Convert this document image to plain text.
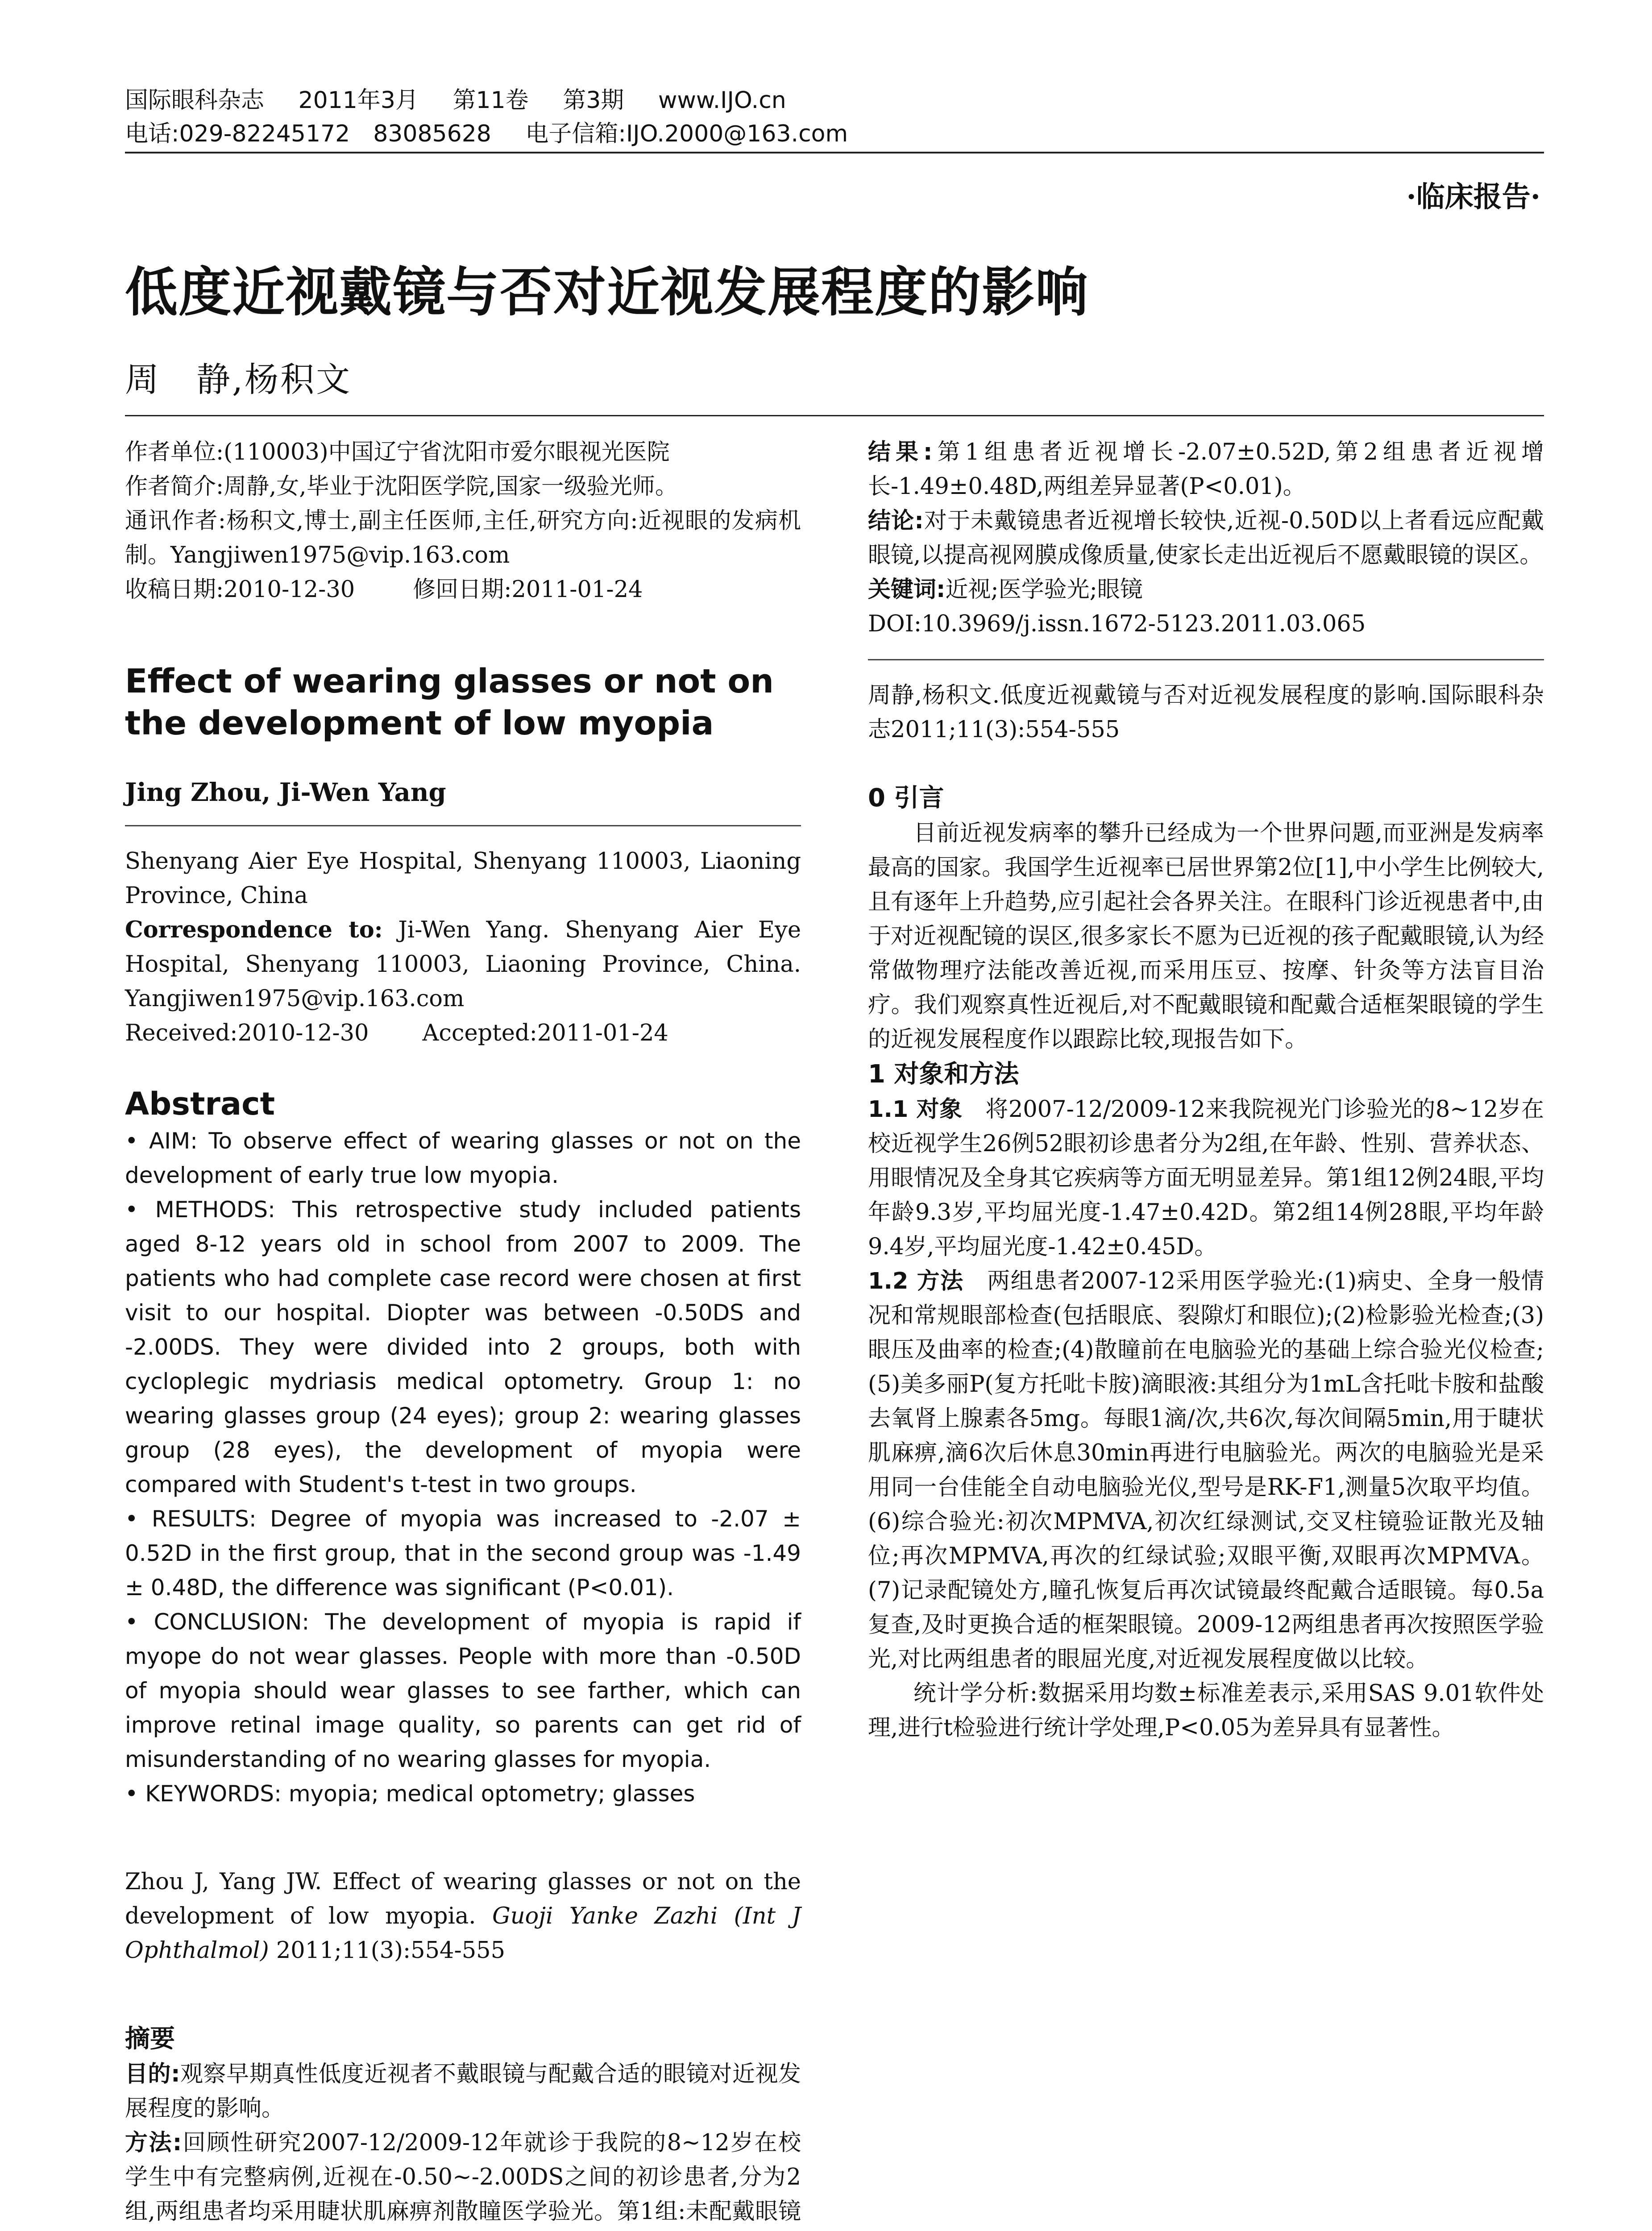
国际眼科杂志 2011年3月 第11卷 第3期 www.IJO.cn
电话:029-82245172　83085628 电子信箱:IJO.2000@163.com
·临床报告·
低度近视戴镜与否对近视发展程度的影响
周　静,杨积文

作者单位:(110003)中国辽宁省沈阳市爱尔眼视光医院

作者简介:周静,女,毕业于沈阳医学院,国家一级验光师。

通讯作者:杨积文,博士,副主任医师,主任,研究方向:近视眼的发病机制。Yangjiwen1975@vip.163.com

收稿日期:2010-12-30	修回日期:2011-01-24

Effect of wearing glasses or not on the development of low myopia

Jing Zhou, Ji-Wen Yang

Shenyang Aier Eye Hospital, Shenyang 110003, Liaoning Province, China

Correspondence to: Ji-Wen Yang. Shenyang Aier Eye Hospital, Shenyang 110003, Liaoning Province, China. Yangjiwen1975@vip.163.com

Received:2010-12-30 Accepted:2011-01-24

Abstract

• AIM: To observe effect of wearing glasses or not on the development of early true low myopia.

• METHODS: This retrospective study included patients aged 8-12 years old in school from 2007 to 2009. The patients who had complete case record were chosen at first visit to our hospital. Diopter was between -0.50DS and -2.00DS. They were divided into 2 groups, both with cycloplegic mydriasis medical optometry. Group 1: no wearing glasses group (24 eyes); group 2: wearing glasses group (28 eyes), the development of myopia were compared with Student's t-test in two groups.

• RESULTS: Degree of myopia was increased to -2.07 ± 0.52D in the first group, that in the second group was -1.49 ± 0.48D, the difference was significant (P<0.01).

• CONCLUSION: The development of myopia is rapid if myope do not wear glasses. People with more than -0.50D of myopia should wear glasses to see farther, which can improve retinal image quality, so parents can get rid of misunderstanding of no wearing glasses for myopia.

• KEYWORDS: myopia; medical optometry; glasses

Zhou J, Yang JW. Effect of wearing glasses or not on the development of low myopia. Guoji Yanke Zazhi (Int J Ophthalmol) 2011;11(3):554-555

摘要

目的:观察早期真性低度近视者不戴眼镜与配戴合适的眼镜对近视发展程度的影响。

方法:回顾性研究2007-12/2009-12年就诊于我院的8~12岁在校学生中有完整病例,近视在-0.50~-2.00DS之间的初诊患者,分为2组,两组患者均采用睫状肌麻痹剂散瞳医学验光。第1组:未配戴眼镜

结果:第1组患者近视增长-2.07±0.52D,第2组患者近视增长-1.49±0.48D,两组差异显著(P<0.01)。

结论:对于未戴镜患者近视增长较快,近视-0.50D以上者看远应配戴眼镜,以提高视网膜成像质量,使家长走出近视后不愿戴眼镜的误区。

关键词:近视;医学验光;眼镜

DOI:10.3969/j.issn.1672-5123.2011.03.065

周静,杨积文.低度近视戴镜与否对近视发展程度的影响.国际眼科杂志2011;11(3):554-555

0 引言

目前近视发病率的攀升已经成为一个世界问题,而亚洲是发病率最高的国家。我国学生近视率已居世界第2位[1],中小学生比例较大,且有逐年上升趋势,应引起社会各界关注。在眼科门诊近视患者中,由于对近视配镜的误区,很多家长不愿为已近视的孩子配戴眼镜,认为经常做物理疗法能改善近视,而采用压豆、按摩、针灸等方法盲目治疗。我们观察真性近视后,对不配戴眼镜和配戴合适框架眼镜的学生的近视发展程度作以跟踪比较,现报告如下。

1 对象和方法

1.1 对象　 将2007-12/2009-12来我院视光门诊验光的8~12岁在校近视学生26例52眼初诊患者分为2组,在年龄、性别、营养状态、用眼情况及全身其它疾病等方面无明显差异。第1组12例24眼,平均年龄9.3岁,平均屈光度-1.47±0.42D。第2组14例28眼,平均年龄9.4岁,平均屈光度-1.42±0.45D。

1.2 方法　 两组患者2007-12采用医学验光:(1)病史、全身一般情况和常规眼部检查(包括眼底、裂隙灯和眼位);(2)检影验光检查;(3)眼压及曲率的检查;(4)散瞳前在电脑验光的基础上综合验光仪检查;(5)美多丽P(复方托吡卡胺)滴眼液:其组分为1mL含托吡卡胺和盐酸去氧肾上腺素各5mg。每眼1滴/次,共6次,每次间隔5min,用于睫状肌麻痹,滴6次后休息30min再进行电脑验光。两次的电脑验光是采用同一台佳能全自动电脑验光仪,型号是RK-F1,测量5次取平均值。(6)综合验光:初次MPMVA,初次红绿测试,交叉柱镜验证散光及轴位;再次MPMVA,再次的红绿试验;双眼平衡,双眼再次MPMVA。(7)记录配镜处方,瞳孔恢复后再次试镜最终配戴合适眼镜。每0.5a复查,及时更换合适的框架眼镜。2009-12两组患者再次按照医学验光,对比两组患者的眼屈光度,对近视发展程度做以比较。

统计学分析:数据采用均数±标准差表示,采用SAS 9.01软件处理,进行t检验进行统计学处理,P<0.05为差异具有显著性。
